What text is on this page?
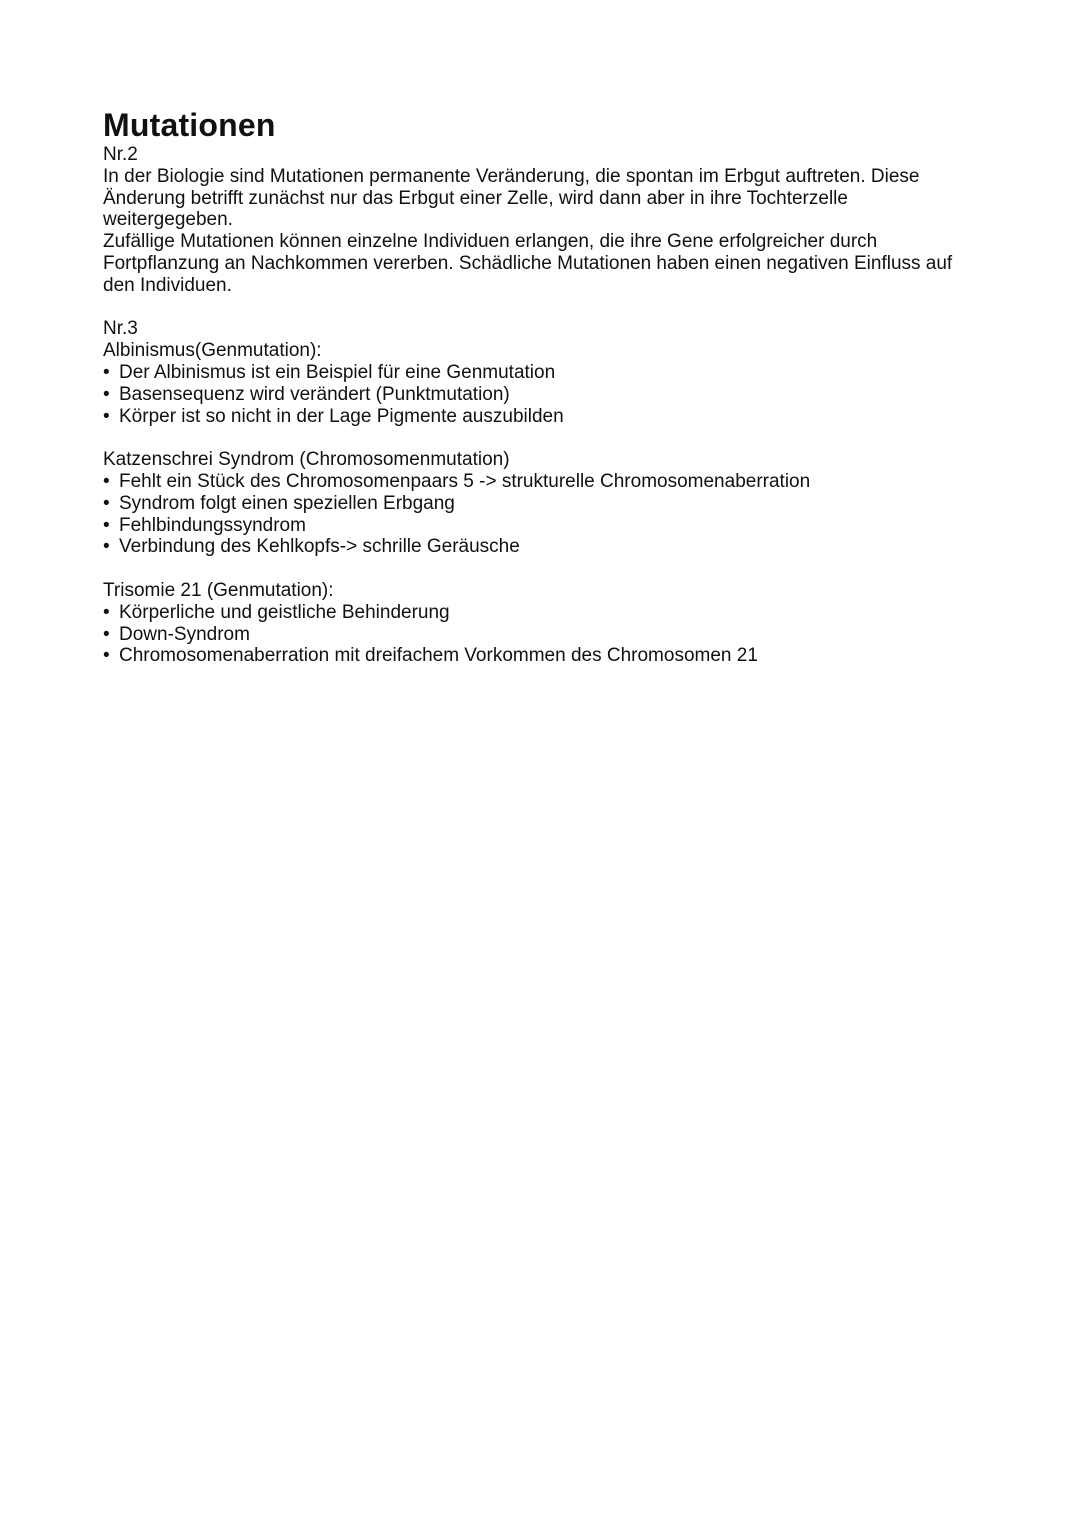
Mutationen

Nr.2

In der Biologie sind Mutationen permanente Veränderung, die spontan im Erbgut auftreten. Diese Änderung betrifft zunächst nur das Erbgut einer Zelle, wird dann aber in ihre Tochterzelle weitergegeben.

Zufällige Mutationen können einzelne Individuen erlangen, die ihre Gene erfolgreicher durch Fortpflanzung an Nachkommen vererben. Schädliche Mutationen haben einen negativen Einfluss auf den Individuen.

Nr.3

Albinismus(Genmutation):

• Der Albinismus ist ein Beispiel für eine Genmutation
• Basensequenz wird verändert (Punktmutation)
• Körper ist so nicht in der Lage Pigmente auszubilden

Katzenschrei Syndrom (Chromosomenmutation)

• Fehlt ein Stück des Chromosomenpaars 5 -> strukturelle Chromosomenaberration
• Syndrom folgt einen speziellen Erbgang
• Fehlbindungssyndrom
• Verbindung des Kehlkopfs-> schrille Geräusche

Trisomie 21 (Genmutation):

• Körperliche und geistliche Behinderung
• Down-Syndrom
• Chromosomenaberration mit dreifachem Vorkommen des Chromosomen 21
